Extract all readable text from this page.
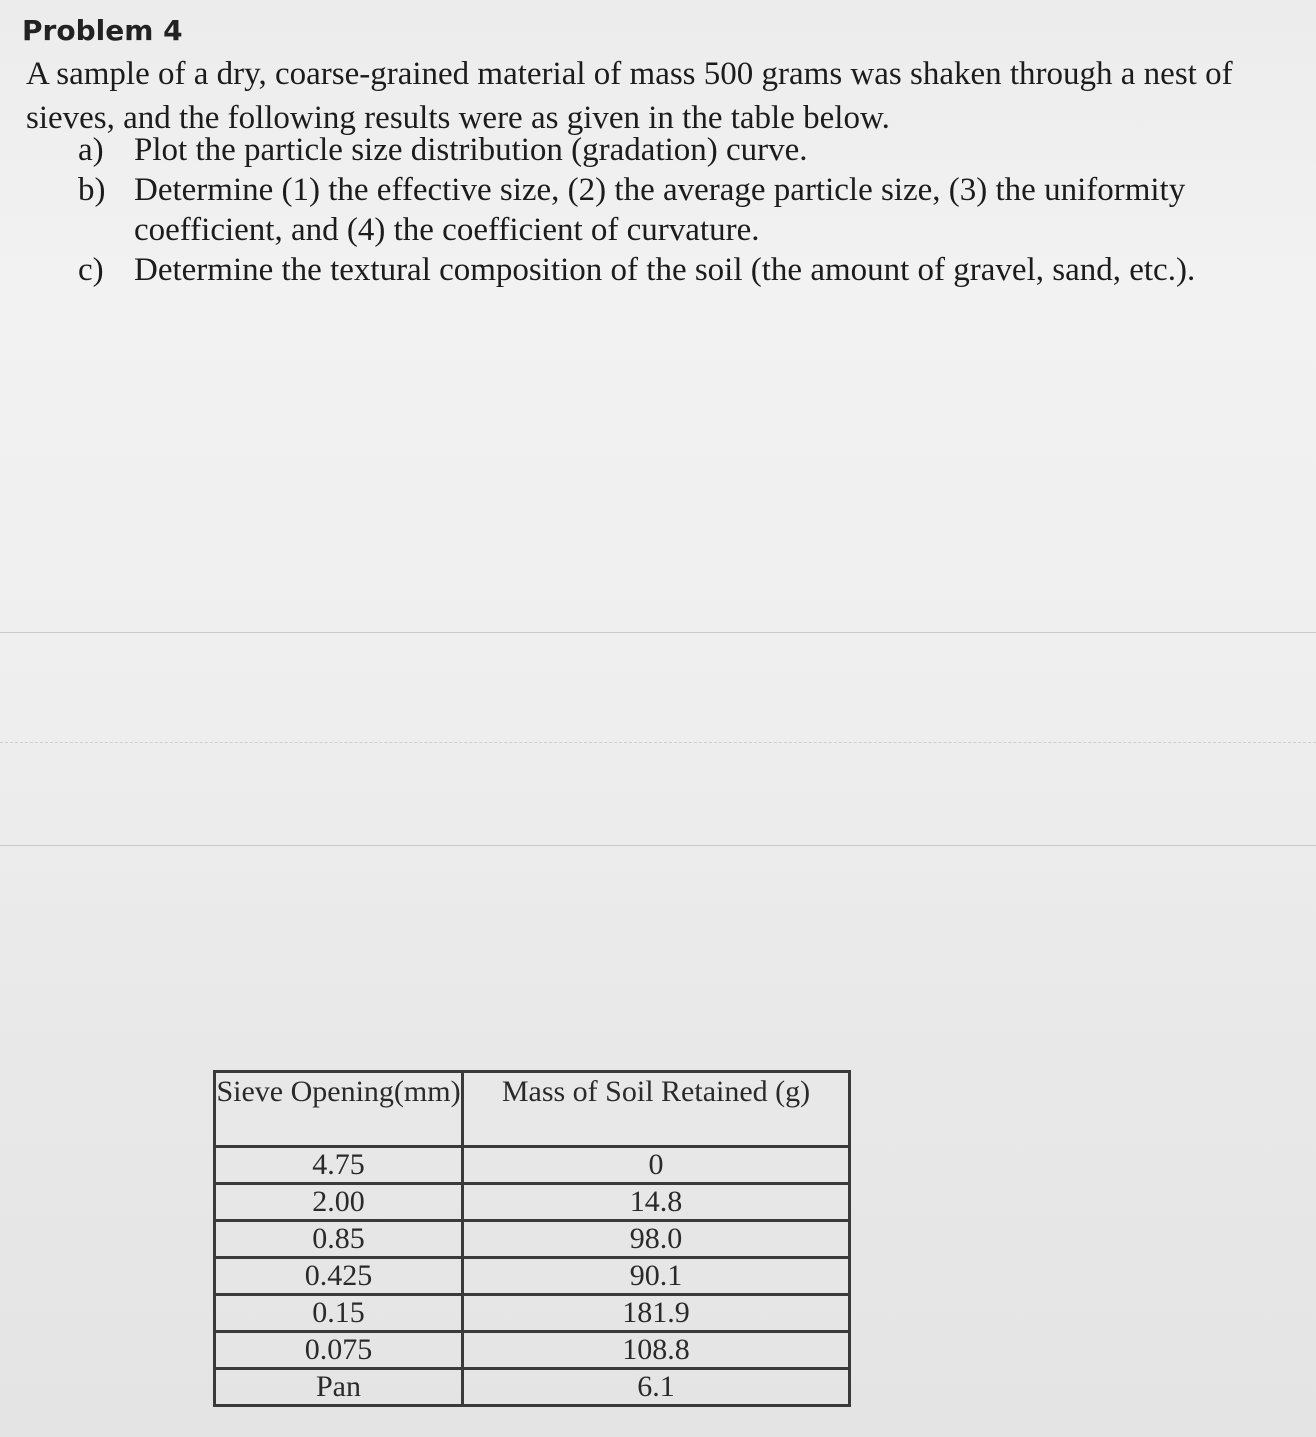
Problem 4
A sample of a dry, coarse-grained material of mass 500 grams was shaken through a nest of sieves, and the following results were as given in the table below.
a) Plot the particle size distribution (gradation) curve.
b) Determine (1) the effective size, (2) the average particle size, (3) the uniformity coefficient, and (4) the coefficient of curvature.
c) Determine the textural composition of the soil (the amount of gravel, sand, etc.).
Sieve Opening(mm)	Mass of Soil Retained (g)
4.75	0
2.00	14.8
0.85	98.0
0.425	90.1
0.15	181.9
0.075	108.8
Pan	6.1
